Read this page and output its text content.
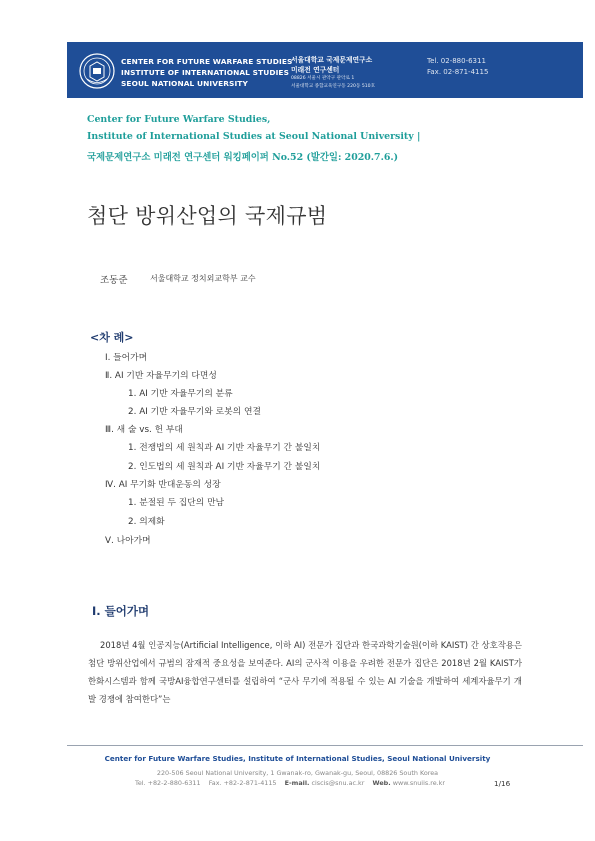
CENTER FOR FUTURE WARFARE STUDIES
INSTITUTE OF INTERNATIONAL STUDIES
SEOUL NATIONAL UNIVERSITY
서울대학교 국제문제연구소
미래전 연구센터
08826 서울시 관악구 관악로 1
서울대학교 종합교육연구동 220동 510호
Tel. 02-880-6311
Fax. 02-871-4115
Center for Future Warfare Studies,
Institute of International Studies at Seoul National University |
국제문제연구소 미래전 연구센터 워킹페이퍼 No.52 (발간일: 2020.7.6.)
첨단 방위산업의 국제규범
조동준	서울대학교 정치외교학부 교수
<차 례>
Ⅰ. 들어가며
Ⅱ. AI 기반 자율무기의 다면성
1. AI 기반 자율무기의 분류
2. AI 기반 자율무기와 로봇의 연결
Ⅲ. 새 술 vs. 헌 부대
1. 전쟁법의 세 원칙과 AI 기반 자율무기 간 불일치
2. 인도법의 세 원칙과 AI 기반 자율무기 간 불일치
Ⅳ. AI 무기화 반대운동의 성장
1. 분절된 두 집단의 만남
2. 의제화
Ⅴ. 나아가며
Ⅰ. 들어가며

2018년 4월 인공지능(Artificial Intelligence, 이하 AI) 전문가 집단과 한국과학기술원(이하 KAIST) 간 상호작용은 첨단 방위산업에서 규범의 잠재적 중요성을 보여준다. AI의 군사적 이용을 우려한 전문가 집단은 2018년 2월 KAIST가 한화시스템과 함께 국방AI융합연구센터를 설립하여 “군사 무기에 적용될 수 있는 AI 기술을 개발하여 세계자율무기 개발 경쟁에 참여한다”는

Center for Future Warfare Studies, Institute of International Studies, Seoul National University
220-506 Seoul National University, 1 Gwanak-ro, Gwanak-gu, Seoul, 08826 South Korea
Tel. +82-2-880-6311 Fax. +82-2-871-4115 E-mail. ciscis@snu.ac.kr Web. www.snuiis.re.kr	1/16
